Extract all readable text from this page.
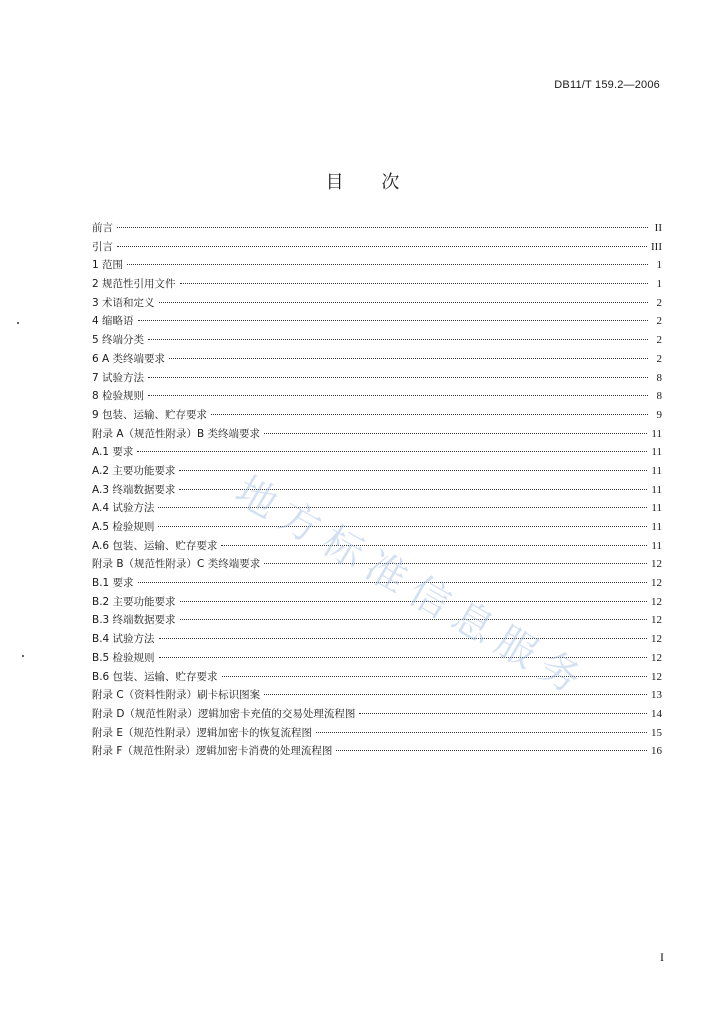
DB11/T 159.2—2006
目 次
前言	II
引言	III
1 范围	1
2 规范性引用文件	1
3 术语和定义	2
4 缩略语	2
5 终端分类	2
6 A 类终端要求	2
7 试验方法	8
8 检验规则	8
9 包装、运输、贮存要求	9
附录 A（规范性附录）B 类终端要求	11
A.1 要求	11
A.2 主要功能要求	11
A.3 终端数据要求	11
A.4 试验方法	11
A.5 检验规则	11
A.6 包装、运输、贮存要求	11
附录 B（规范性附录）C 类终端要求	12
B.1 要求	12
B.2 主要功能要求	12
B.3 终端数据要求	12
B.4 试验方法	12
B.5 检验规则	12
B.6 包装、运输、贮存要求	12
附录 C（资料性附录）刷卡标识图案	13
附录 D（规范性附录）逻辑加密卡充值的交易处理流程图	14
附录 E（规范性附录）逻辑加密卡的恢复流程图	15
附录 F（规范性附录）逻辑加密卡消费的处理流程图	16
地方标准信息服务
I
